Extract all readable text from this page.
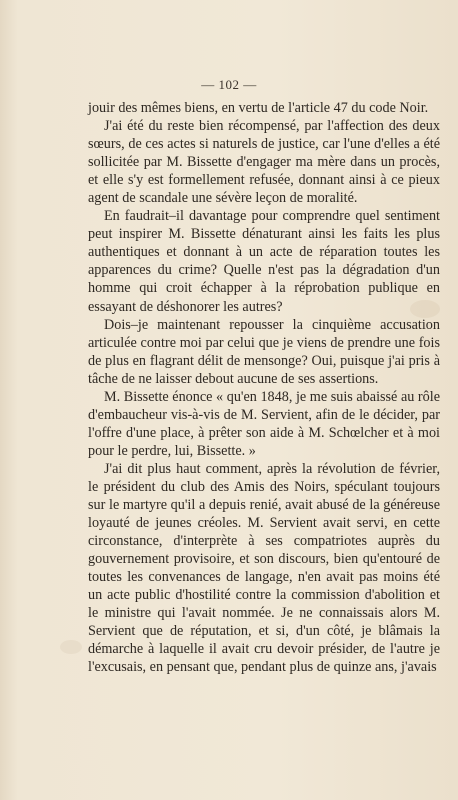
— 102 —

jouir des mêmes biens, en vertu de l'article 47 du code Noir.

J'ai été du reste bien récompensé, par l'affection des deux sœurs, de ces actes si naturels de justice, car l'une d'elles a été sollicitée par M. Bissette d'engager ma mère dans un procès, et elle s'y est formellement refusée, donnant ainsi à ce pieux agent de scandale une sévère leçon de moralité.

En faudrait–il davantage pour comprendre quel sentiment peut inspirer M. Bissette dénaturant ainsi les faits les plus authentiques et donnant à un acte de réparation toutes les apparences du crime? Quelle n'est pas la dégradation d'un homme qui croit échapper à la réprobation publique en essayant de déshonorer les autres?

Dois–je maintenant repousser la cinquième accusation articulée contre moi par celui que je viens de prendre une fois de plus en flagrant délit de mensonge? Oui, puisque j'ai pris à tâche de ne laisser debout aucune de ses assertions.

M. Bissette énonce « qu'en 1848, je me suis abaissé au rôle d'embaucheur vis-à-vis de M. Servient, afin de le décider, par l'offre d'une place, à prêter son aide à M. Schœlcher et à moi pour le perdre, lui, Bissette. »

J'ai dit plus haut comment, après la révolution de février, le président du club des Amis des Noirs, spéculant toujours sur le martyre qu'il a depuis renié, avait abusé de la généreuse loyauté de jeunes créoles. M. Servient avait servi, en cette circonstance, d'interprète à ses compatriotes auprès du gouvernement provisoire, et son discours, bien qu'entouré de toutes les convenances de langage, n'en avait pas moins été un acte public d'hostilité contre la commission d'abolition et le ministre qui l'avait nommée. Je ne connaissais alors M. Servient que de réputation, et si, d'un côté, je blâmais la démarche à laquelle il avait cru devoir présider, de l'autre je l'excusais, en pensant que, pendant plus de quinze ans, j'avais
